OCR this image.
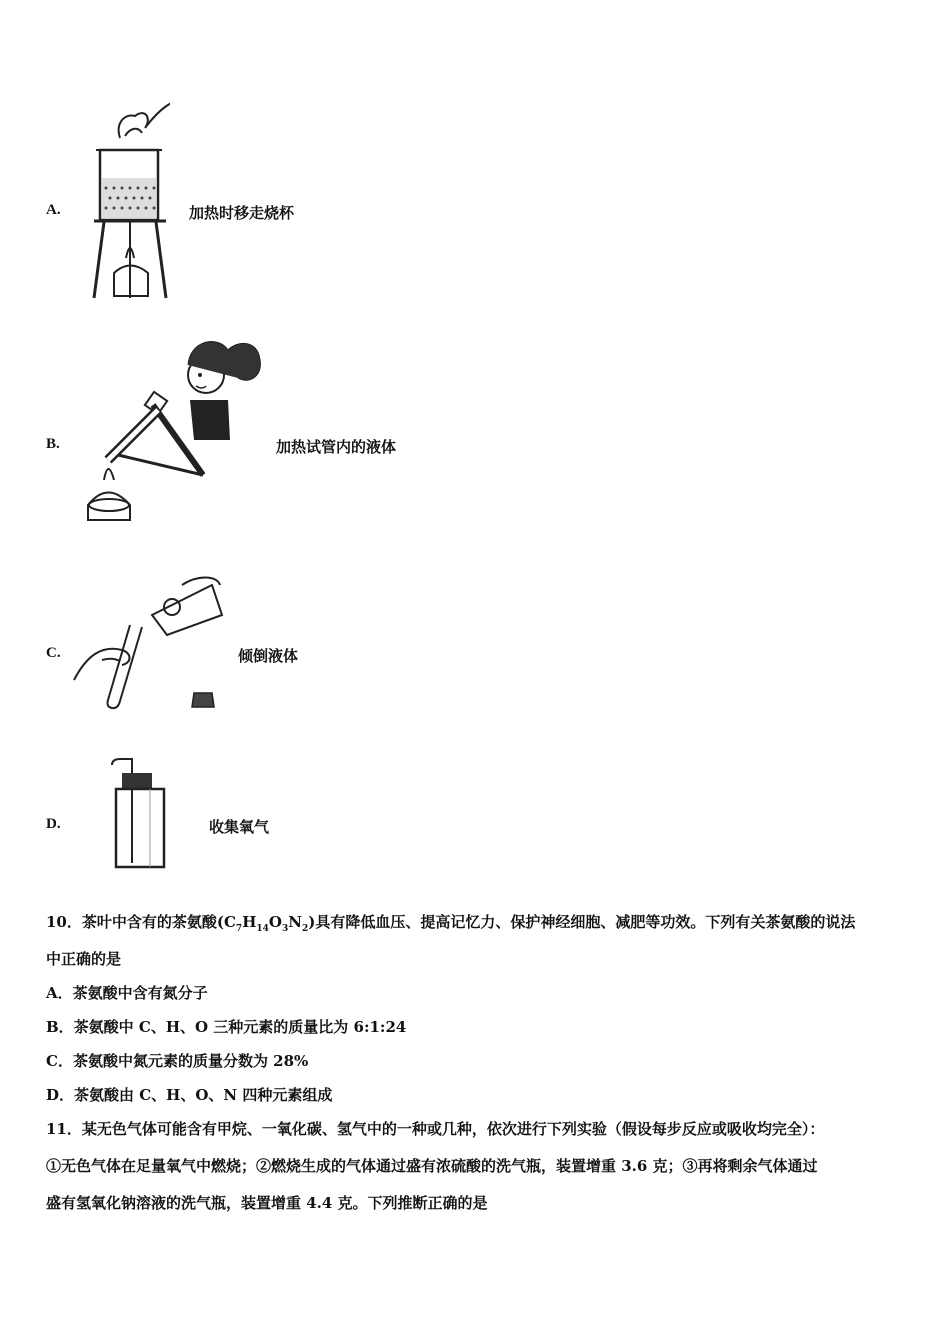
A.	加热时移走烧杯
B.	加热试管内的液体
C.	倾倒液体
D.	收集氧气
10．茶叶中含有的茶氨酸$(C_7H_{14}O_3N_2)$具有降低血压、提高记忆力、保护神经细胞、减肥等功效。下列有关茶氨酸的说法
中正确的是
A．茶氨酸中含有氮分子
B．茶氨酸中 C、H、O 三种元素的质量比为 6:1:24
C．茶氨酸中氮元素的质量分数为 28%
D．茶氨酸由 C、H、O、N 四种元素组成
11．某无色气体可能含有甲烷、一氧化碳、氢气中的一种或几种，依次进行下列实验（假设每步反应或吸收均完全）：
①无色气体在足量氧气中燃烧；②燃烧生成的气体通过盛有浓硫酸的洗气瓶，装置增重 3.6 克；③再将剩余气体通过
盛有氢氧化钠溶液的洗气瓶，装置增重 4.4 克。下列推断正确的是
